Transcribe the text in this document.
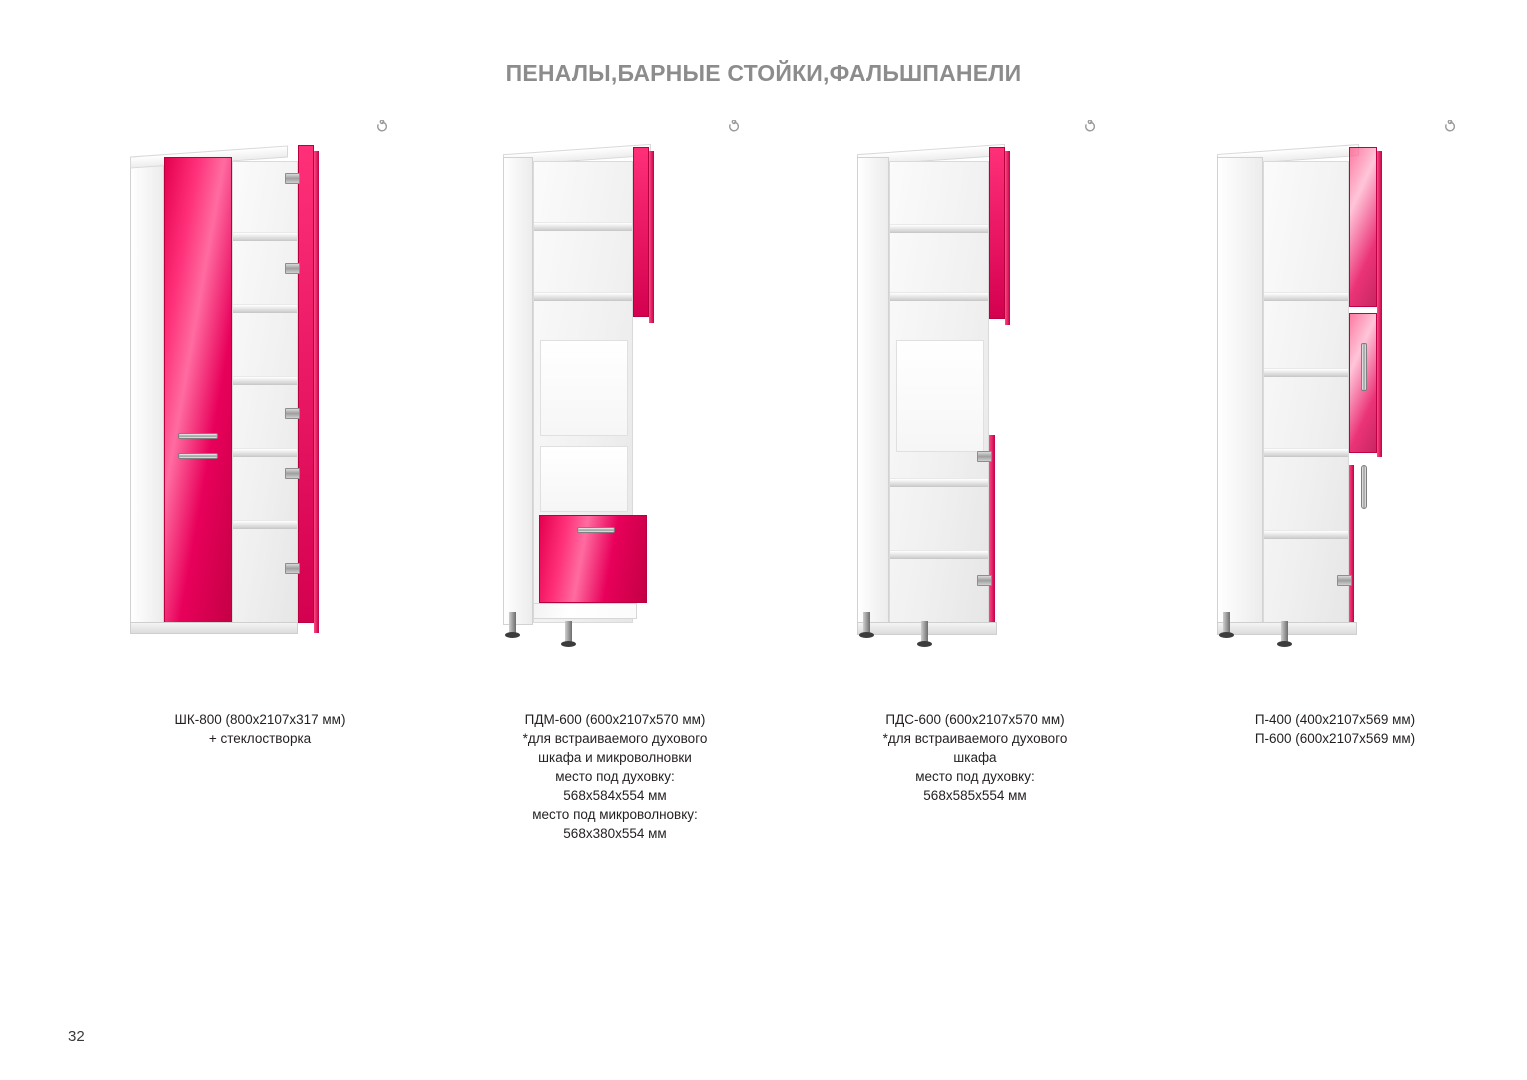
ПЕНАЛЫ,БАРНЫЕ СТОЙКИ,ФАЛЬШПАНЕЛИ
ШК-800 (800х2107х317 мм)
+ стеклоствoрка
ПДМ-600 (600х2107х570 мм)
*для встраиваемого духового
шкафа и микроволновки
место под духовку:
568х584х554 мм
место под микроволновку:
568х380х554 мм
ПДС-600 (600х2107х570 мм)
*для встраиваемого духового
шкафа
место под духовку:
568х585х554 мм
П-400 (400х2107х569 мм)
П-600 (600х2107х569 мм)
32
